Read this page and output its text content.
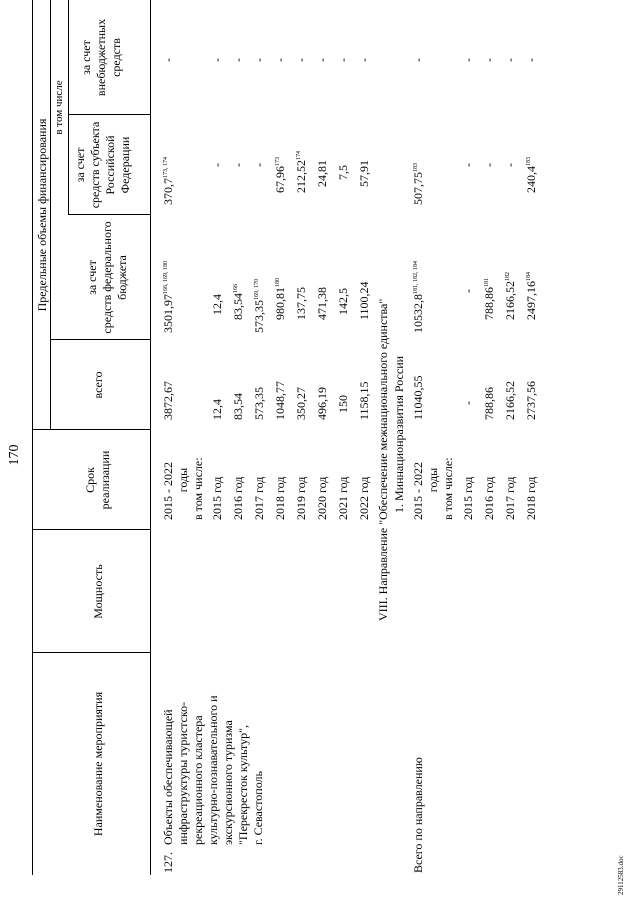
170
Наименование мероприятия
Мощность
Срок реализации
Предельные объемы финансирования
всего
в том числе
за счет средств федерального бюджета
за счет средств субъекта Российской Федерации
за счет внебюджетных средств
127.
Объекты обеспечивающей инфраструктуры туристско- рекреационного кластера культурно-познавательного и экскурсионного туризма "Перекресток культур", г. Севастополь
2015 - 2022 годы
3872,67
3501,97$^{166, 169, 180}$
370,7$^{173, 174}$
-
в том числе: 2015 год
12,4
12,4
-
-
2016 год
83,54
83,54$^{166}$
-
-
2017 год
573,35
573,35$^{169, 170}$
-
-
2018 год
1048,77
980,81$^{180}$
67,96$^{173}$
-
2019 год
350,27
137,75
212,52$^{174}$
-
2020 год
496,19
471,38
24,81
-
2021 год
150
142,5
7,5
-
2022 год
1158,15
1100,24
57,91
-
VIII. Направление "Обеспечение межнационального единства" 1. Миннационразвития России
Всего по направлению
2015 - 2022 годы
11040,55
10532,8$^{181, 182, 184}$
507,75$^{183}$
-
в том числе: 2015 год
-
-
-
-
2016 год
788,86
788,86$^{181}$
-
-
2017 год
2166,52
2166,52$^{182}$
-
-
2018 год
2737,56
2497,16$^{184}$
240,4$^{183}$
-
29112583.doc
